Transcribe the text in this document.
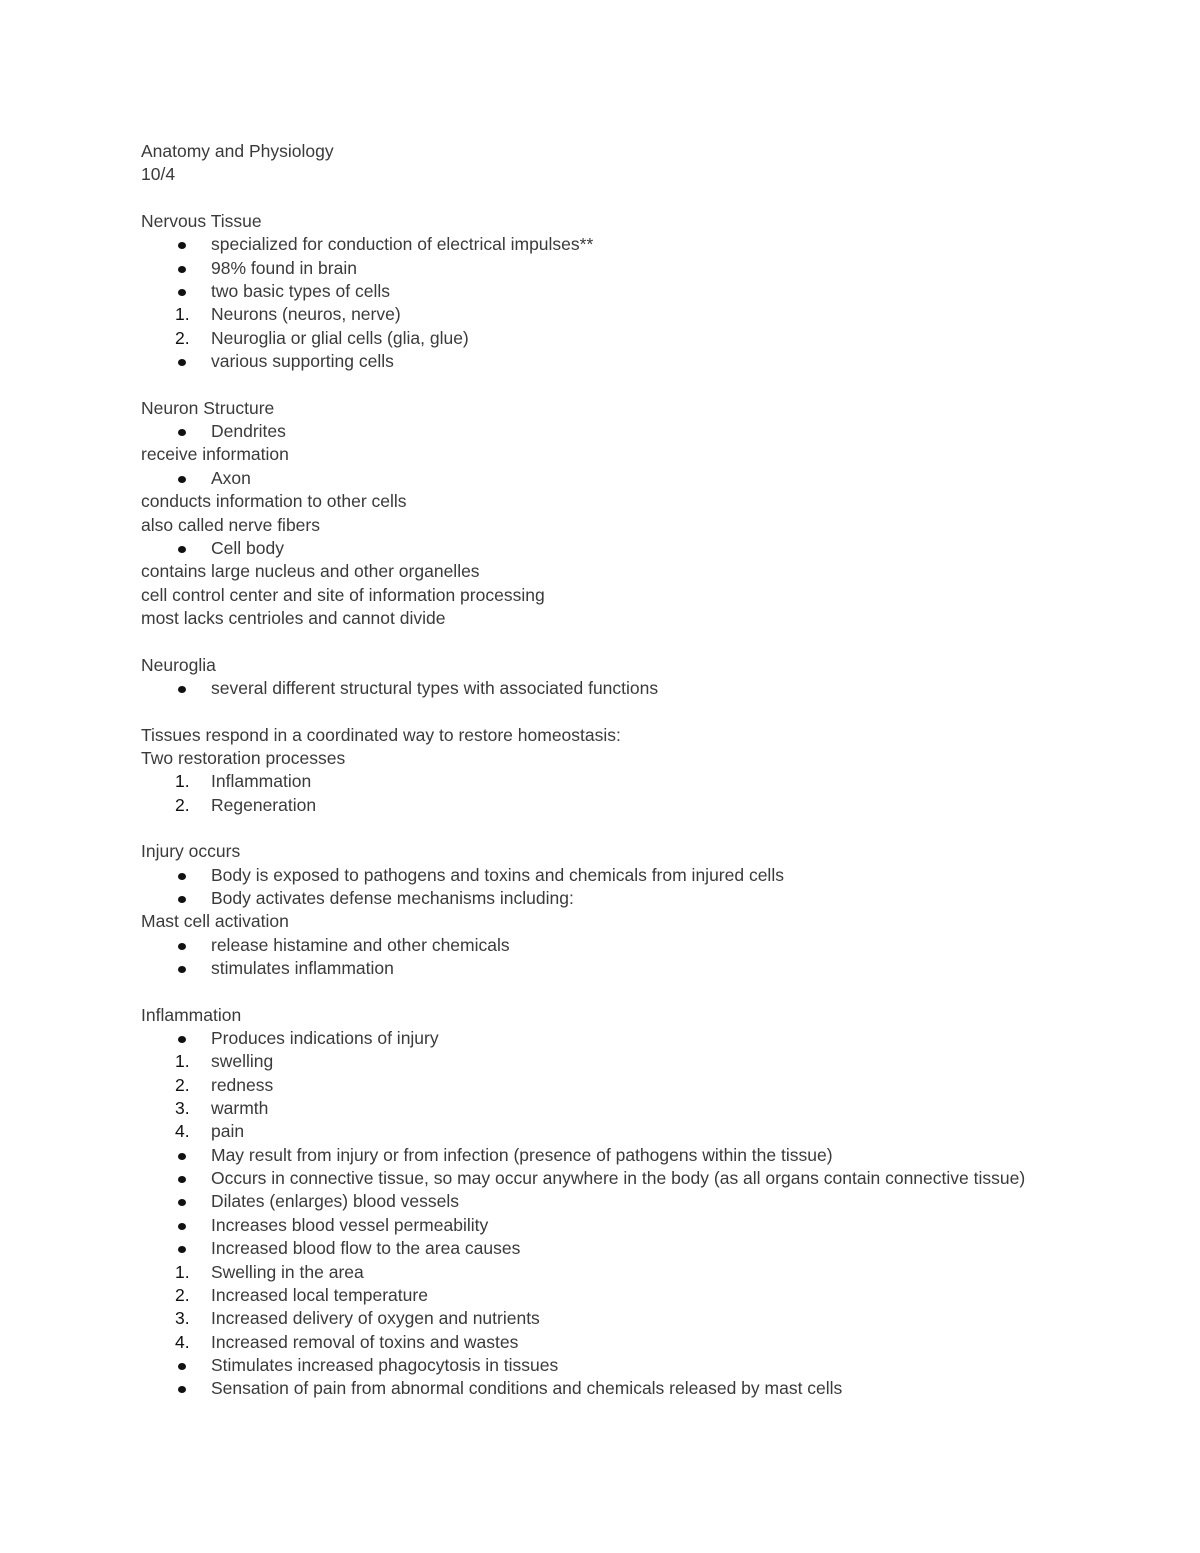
Anatomy and Physiology
10/4
Nervous Tissue
specialized for conduction of electrical impulses**
98% found in brain
two basic types of cells
1.	Neurons (neuros, nerve)
2.	Neuroglia or glial cells (glia, glue)
various supporting cells
Neuron Structure
Dendrites
receive information
Axon
conducts information to other cells
also called nerve fibers
Cell body
contains large nucleus and other organelles
cell control center and site of information processing
most lacks centrioles and cannot divide
Neuroglia
several different structural types with associated functions
Tissues respond in a coordinated way to restore homeostasis:
Two restoration processes
1.	Inflammation
2.	Regeneration
Injury occurs
Body is exposed to pathogens and toxins and chemicals from injured cells
Body activates defense mechanisms including:
Mast cell activation
release histamine and other chemicals
stimulates inflammation
Inflammation
Produces indications of injury
1.	swelling
2.	redness
3.	warmth
4.	pain
May result from injury or from infection (presence of pathogens within the tissue)
Occurs in connective tissue, so may occur anywhere in the body (as all organs contain connective tissue)
Dilates (enlarges) blood vessels
Increases blood vessel permeability
Increased blood flow to the area causes
1.	Swelling in the area
2.	Increased local temperature
3.	Increased delivery of oxygen and nutrients
4.	Increased removal of toxins and wastes
Stimulates increased phagocytosis in tissues
Sensation of pain from abnormal conditions and chemicals released by mast cells
